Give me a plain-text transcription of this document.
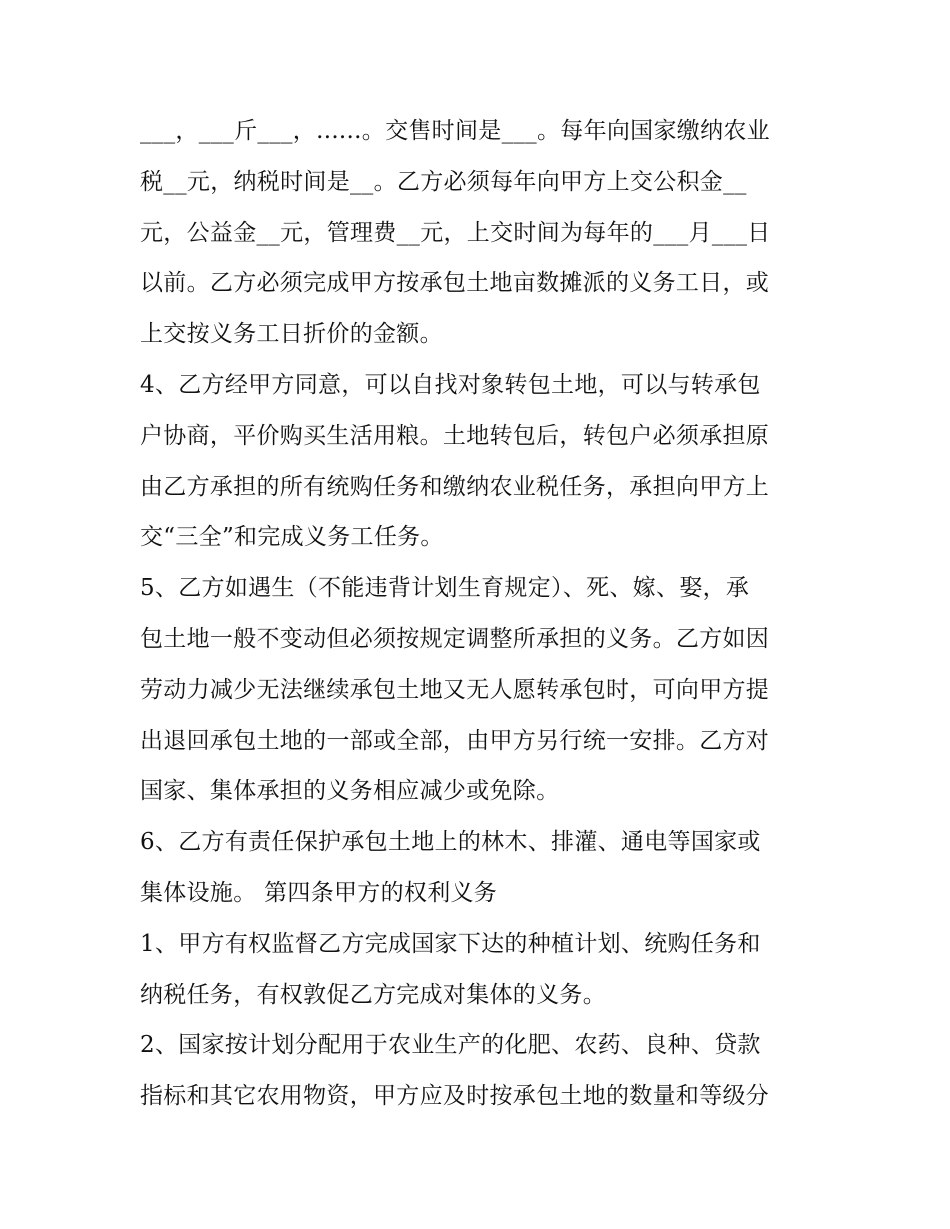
___，___斤___，......。交售时间是___。每年向国家缴纳农业
税__元，纳税时间是__。乙方必须每年向甲方上交公积金__
元，公益金__元，管理费__元，上交时间为每年的___月___日
以前。乙方必须完成甲方按承包土地亩数摊派的义务工日，或
上交按义务工日折价的金额。
4、乙方经甲方同意，可以自找对象转包土地，可以与转承包
户协商，平价购买生活用粮。土地转包后，转包户必须承担原
由乙方承担的所有统购任务和缴纳农业税任务，承担向甲方上
交“三全”和完成义务工任务。
5、乙方如遇生（不能违背计划生育规定）、死、嫁、娶，承
包土地一般不变动但必须按规定调整所承担的义务。乙方如因
劳动力减少无法继续承包土地又无人愿转承包时，可向甲方提
出退回承包土地的一部或全部，由甲方另行统一安排。乙方对
国家、集体承担的义务相应减少或免除。
6、乙方有责任保护承包土地上的林木、排灌、通电等国家或
集体设施。 第四条甲方的权利义务
1、甲方有权监督乙方完成国家下达的种植计划、统购任务和
纳税任务，有权敦促乙方完成对集体的义务。
2、国家按计划分配用于农业生产的化肥、农药、良种、贷款
指标和其它农用物资，甲方应及时按承包土地的数量和等级分
